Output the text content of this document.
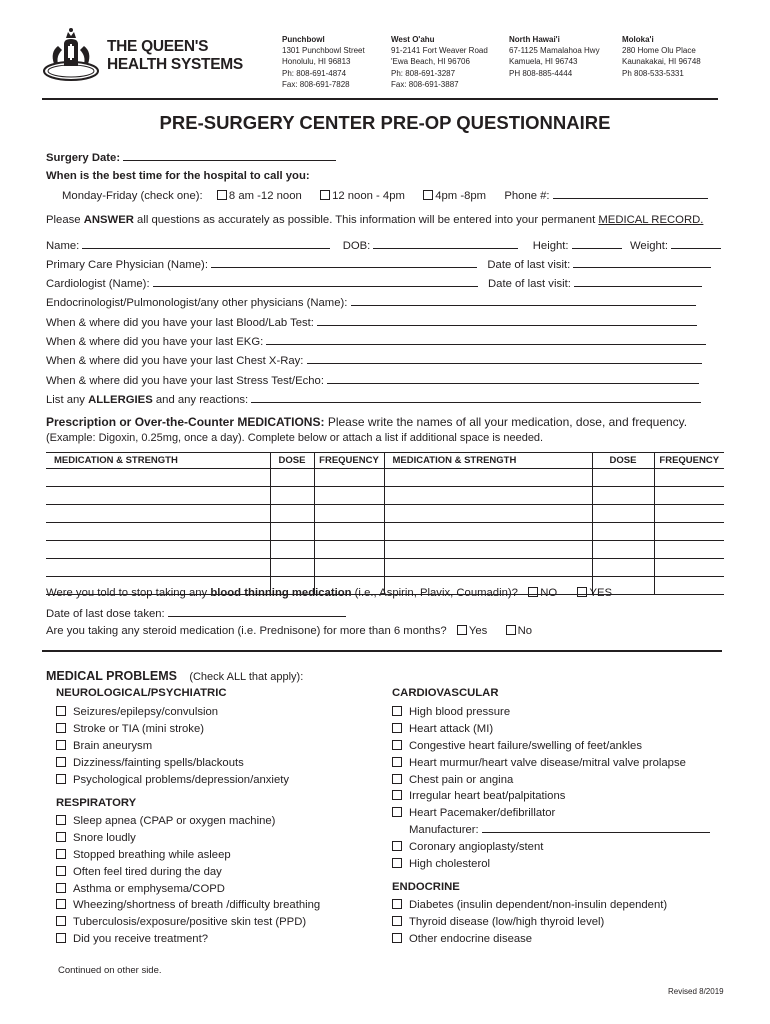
THE QUEEN'S
HEALTH SYSTEMS
Punchbowl
1301 Punchbowl Street
Honolulu, HI 96813
Ph: 808-691-4874
Fax: 808-691-7828
West O'ahu
91-2141 Fort Weaver Road
'Ewa Beach, HI 96706
Ph: 808-691-3287
Fax: 808-691-3887
North Hawai'i
67-1125 Mamalahoa Hwy
Kamuela, HI 96743
PH 808-885-4444
Moloka'i
280 Home Olu Place
Kaunakakai, HI 96748
Ph 808-533-5331
PRE-SURGERY CENTER PRE-OP QUESTIONNAIRE
Surgery Date:
When is the best time for the hospital to call you:
Monday-Friday (check one): 8 am -12 noon	12 noon - 4pm	4pm -8pm Phone #:
Please ANSWER all questions as accurately as possible. This information will be entered into your permanent MEDICAL RECORD.
Name:	DOB:	Height:	Weight:
Primary Care Physician (Name):	Date of last visit:
Cardiologist (Name):	Date of last visit:
Endocrinologist/Pulmonologist/any other physicians (Name):
When & where did you have your last Blood/Lab Test:
When & where did you have your last EKG:
When & where did you have your last Chest X-Ray:
When & where did you have your last Stress Test/Echo:
List any ALLERGIES and any reactions:
Prescription or Over-the-Counter MEDICATIONS: Please write the names of all your medication, dose, and frequency.
(Example: Digoxin, 0.25mg, once a day). Complete below or attach a list if additional space is needed.
MEDICATION & STRENGTH	DOSE	FREQUENCY	MEDICATION & STRENGTH	DOSE	FREQUENCY

Were you told to stop taking any blood thinning medication (i.e., Aspirin, Plavix, Coumadin)? NO	YES
Date of last dose taken:
Are you taking any steroid medication (i.e. Prednisone) for more than 6 months? Yes	No
MEDICAL PROBLEMS (Check ALL that apply):
NEUROLOGICAL/PSYCHIATRIC
Seizures/epilepsy/convulsion
Stroke or TIA (mini stroke)
Brain aneurysm
Dizziness/fainting spells/blackouts
Psychological problems/depression/anxiety
RESPIRATORY
Sleep apnea (CPAP or oxygen machine)
Snore loudly
Stopped breathing while asleep
Often feel tired during the day
Asthma or emphysema/COPD
Wheezing/shortness of breath /difficulty breathing
Tuberculosis/exposure/positive skin test (PPD)
Did you receive treatment?
CARDIOVASCULAR
High blood pressure
Heart attack (MI)
Congestive heart failure/swelling of feet/ankles
Heart murmur/heart valve disease/mitral valve prolapse
Chest pain or angina
Irregular heart beat/palpitations
Heart Pacemaker/defibrillator
Manufacturer:
Coronary angioplasty/stent
High cholesterol
ENDOCRINE
Diabetes (insulin dependent/non-insulin dependent)
Thyroid disease (low/high thyroid level)
Other endocrine disease
Continued on other side.
Revised 8/2019
